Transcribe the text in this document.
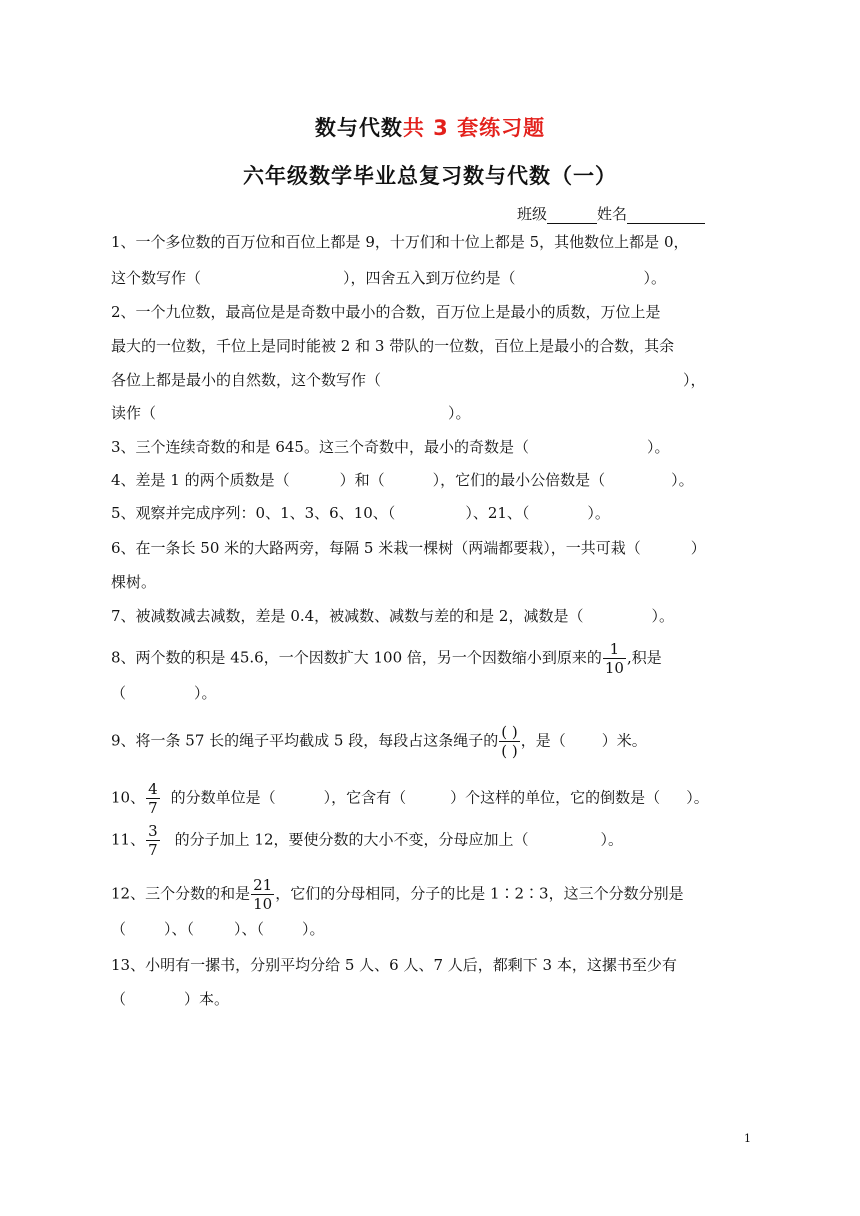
数与代数共 3 套练习题
六年级数学毕业总复习数与代数（一）
班级	姓名
1、一个多位数的百万位和百位上都是 9，十万们和十位上都是 5，其他数位上都是 0，
这个数写作（	），四舍五入到万位约是（	）。
2、一个九位数，最高位是是奇数中最小的合数，百万位上是最小的质数，万位上是
最大的一位数，千位上是同时能被 2 和 3 带队的一位数，百位上是最小的合数，其余
各位上都是最小的自然数，这个数写作（	），
读作（	）。
3、三个连续奇数的和是 645。这三个奇数中，最小的奇数是（	）。
4、差是 1 的两个质数是（	）和（	），它们的最小公倍数是（	）。
5、观察并完成序列：0、1、3、6、10、（	）、21、（	）。
6、在一条长 50 米的大路两旁，每隔 5 米栽一棵树（两端都要栽），一共可栽（	）
棵树。
7、被减数减去减数，差是 0.4，被减数、减数与差的和是 2，减数是（	）。
8、两个数的积是 45.6，一个因数扩大 100 倍，另一个因数缩小到原来的 $\frac{1}{10}$ ,积是
（	）。
9、将一条 57 长的绳子平均截成 5 段，每段占这条绳子的 $\frac{( )}{( )}$ ，是（ ）米。
10、 $\frac{4}{7}$ 的分数单位是（	），它含有（	）个这样的单位，它的倒数是（ ）。
11、 $\frac{3}{7}$ 的分子加上 12，要使分数的大小不变，分母应加上（	）。
12、三个分数的和是 $\frac{21}{10}$ ，它们的分母相同，分子的比是 1∶2∶3，这三个分数分别是
（	）、（	）、（	）。
13、小明有一摞书，分别平均分给 5 人、6 人、7 人后，都剩下 3 本，这摞书至少有
（	）本。
1
